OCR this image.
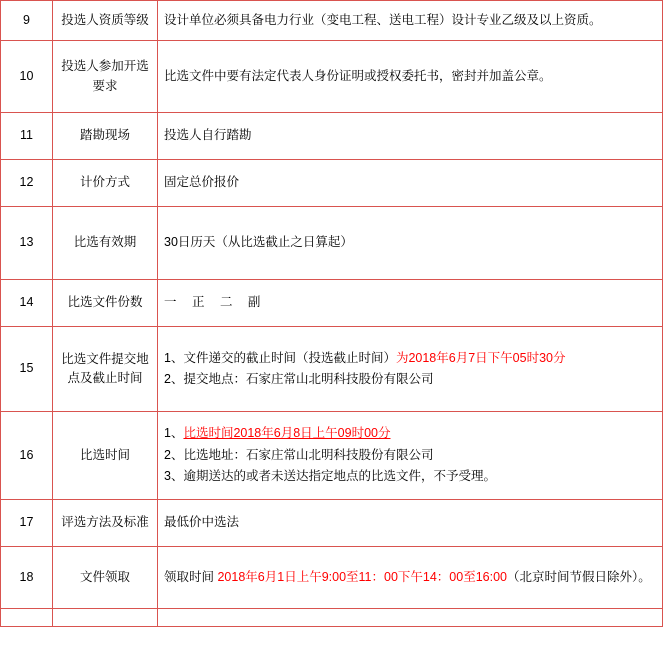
9	投选人资质等级	设计单位必须具备电力行业（变电工程、送电工程）设计专业乙级及以上资质。

10	投选人参加开选要求	比选文件中要有法定代表人身份证明或授权委托书，密封并加盖公章。

11	踏勘现场	投选人自行踏勘

12	计价方式	固定总价报价

13	比选有效期	30日历天（从比选截止之日算起）

14	比选文件份数	一 正 二 副

15	比选文件提交地点及截止时间	1、文件递交的截止时间（投选截止时间）为2018年6月7日下午05时30分
2、提交地点：石家庄常山北明科技股份有限公司

16	比选时间	1、比选时间2018年6月8日上午09时00分
2、比选地址：石家庄常山北明科技股份有限公司
3、逾期送达的或者未送达指定地点的比选文件，不予受理。

17	评选方法及标准	最低价中选法

18	文件领取	领取时间 2018年6月1日上午9:00至11：00下午14：00至16:00（北京时间节假日除外）。
